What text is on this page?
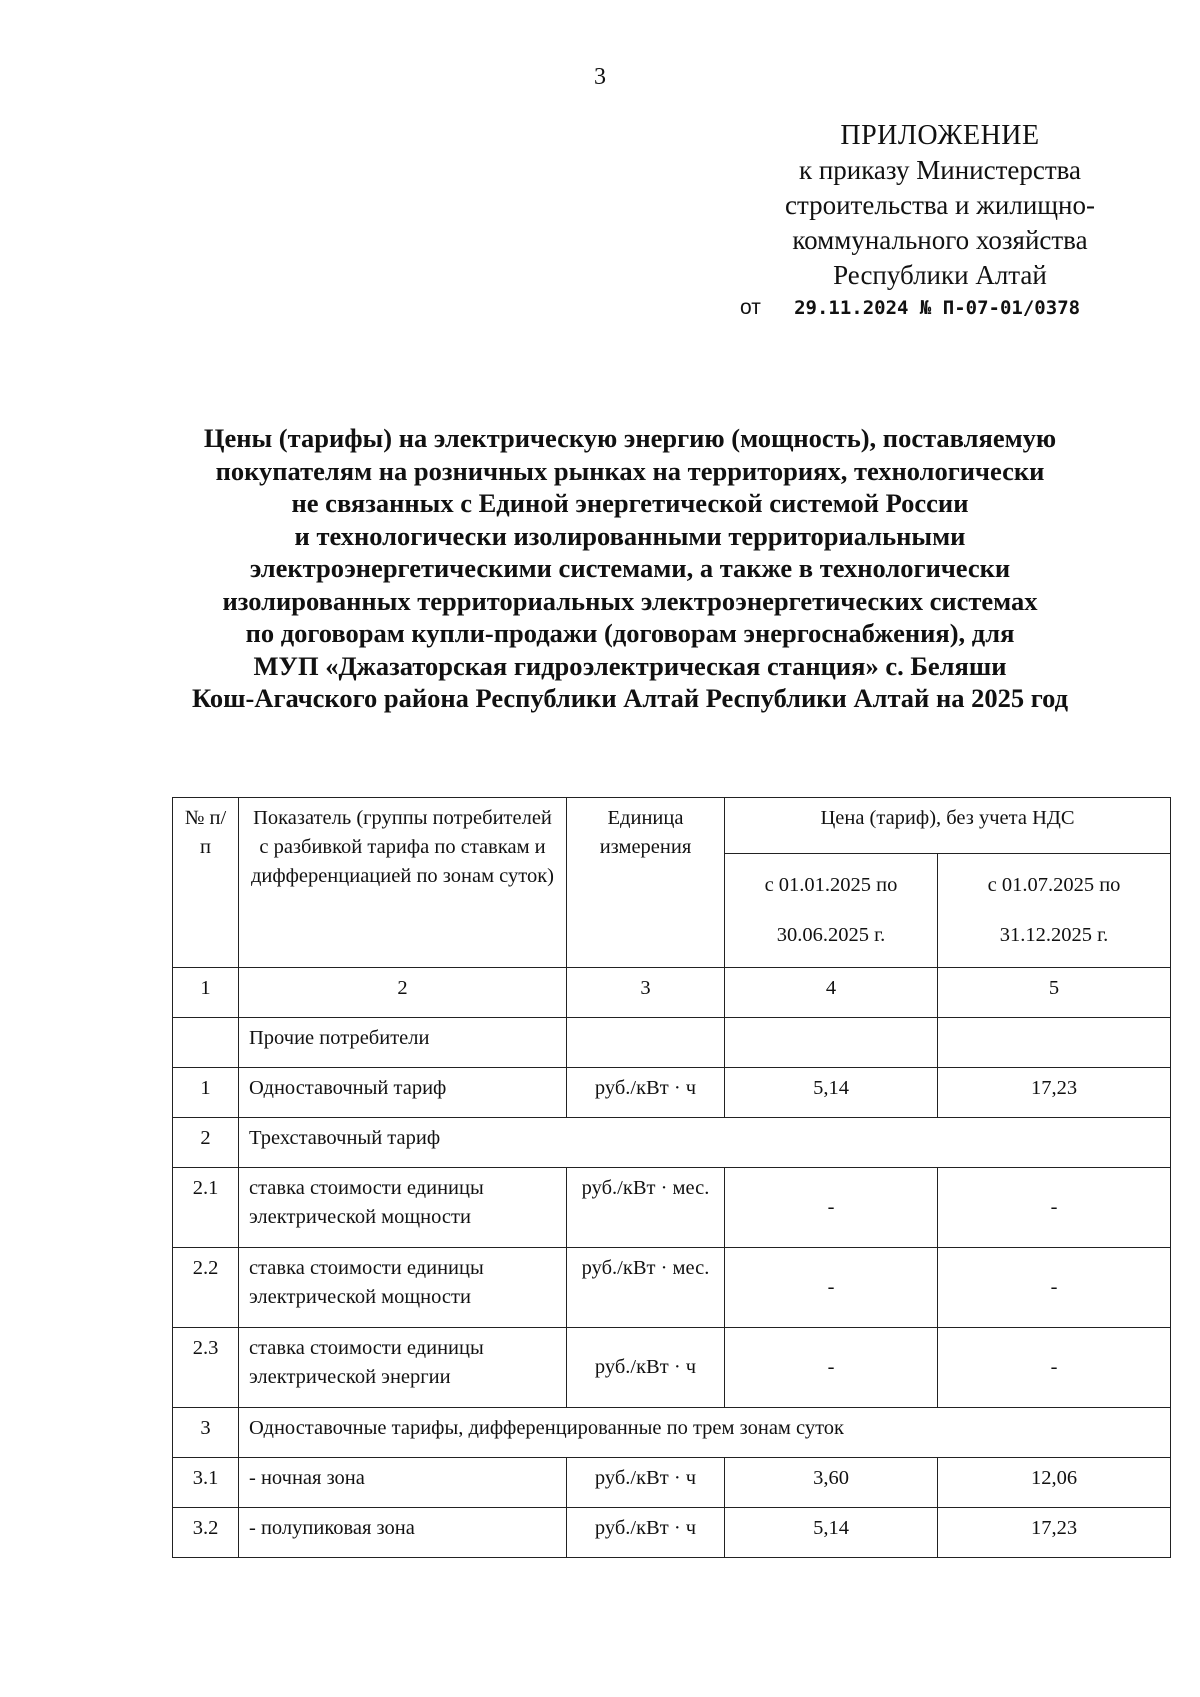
3
ПРИЛОЖЕНИЕ
к приказу Министерства
строительства и жилищно-
коммунального хозяйства
Республики Алтай
от 29.11.2024 № П-07-01/0378
Цены (тарифы) на электрическую энергию (мощность), поставляемую
покупателям на розничных рынках на территориях, технологически
не связанных с Единой энергетической системой России
и технологически изолированными территориальными
электроэнергетическими системами, а также в технологически
изолированных территориальных электроэнергетических системах
по договорам купли-продажи (договорам энергоснабжения), для
МУП «Джазаторская гидроэлектрическая станция» с. Беляши
Кош-Агачского района Республики Алтай Республики Алтай на 2025 год
№ п/п	Показатель (группы потребителей с разбивкой тарифа по ставкам и дифференциацией по зонам суток)	Единица измерения	Цена (тариф), без учета НДС	
			с 01.01.2025 по 30.06.2025 г.	с 01.07.2025 по 31.12.2025 г.
1	2	3	4	5
	Прочие потребители			
1	Одноставочный тариф	руб./кВт · ч	5,14	17,23
2	Трехставочный тариф			
2.1	ставка стоимости единицы электрической мощности	руб./кВт · мес.	-	-
2.2	ставка стоимости единицы электрической мощности	руб./кВт · мес.	-	-
2.3	ставка стоимости единицы электрической энергии	руб./кВт · ч	-	-
3	Одноставочные тарифы, дифференцированные по трем зонам суток			
3.1	- ночная зона	руб./кВт · ч	3,60	12,06
3.2	- полупиковая зона	руб./кВт · ч	5,14	17,23
